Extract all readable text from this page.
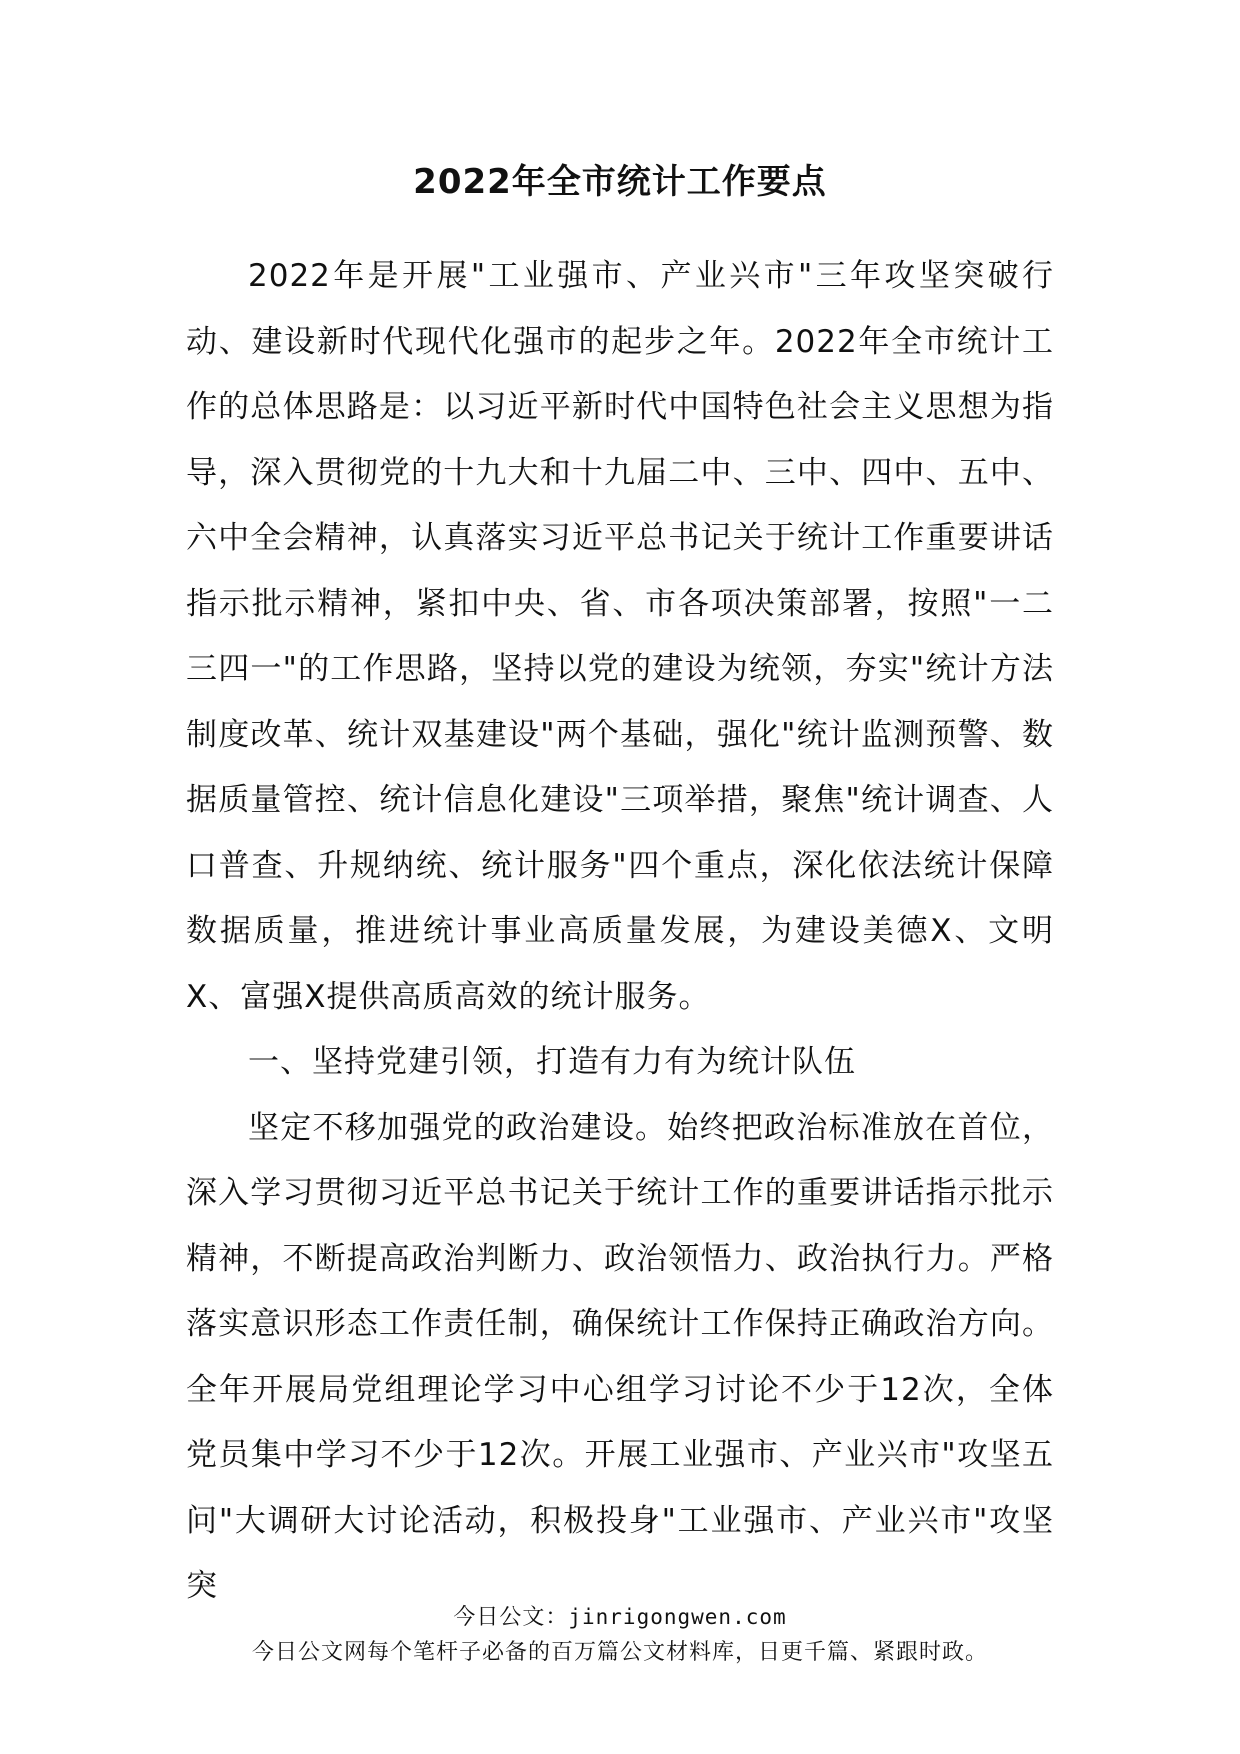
2022年全市统计工作要点

2022年是开展"工业强市、产业兴市"三年攻坚突破行动、建设新时代现代化强市的起步之年。2022年全市统计工作的总体思路是：以习近平新时代中国特色社会主义思想为指导，深入贯彻党的十九大和十九届二中、三中、四中、五中、六中全会精神，认真落实习近平总书记关于统计工作重要讲话指示批示精神，紧扣中央、省、市各项决策部署，按照"一二三四一"的工作思路，坚持以党的建设为统领，夯实"统计方法制度改革、统计双基建设"两个基础，强化"统计监测预警、数据质量管控、统计信息化建设"三项举措，聚焦"统计调查、人口普查、升规纳统、统计服务"四个重点，深化依法统计保障数据质量，推进统计事业高质量发展，为建设美德X、文明X、富强X提供高质高效的统计服务。

一、坚持党建引领，打造有力有为统计队伍

坚定不移加强党的政治建设。始终把政治标准放在首位，深入学习贯彻习近平总书记关于统计工作的重要讲话指示批示精神，不断提高政治判断力、政治领悟力、政治执行力。严格落实意识形态工作责任制，确保统计工作保持正确政治方向。全年开展局党组理论学习中心组学习讨论不少于12次，全体党员集中学习不少于12次。开展工业强市、产业兴市"攻坚五问"大调研大讨论活动，积极投身"工业强市、产业兴市"攻坚突

今日公文：jinrigongwen.com
今日公文网每个笔杆子必备的百万篇公文材料库，日更千篇、紧跟时政。
